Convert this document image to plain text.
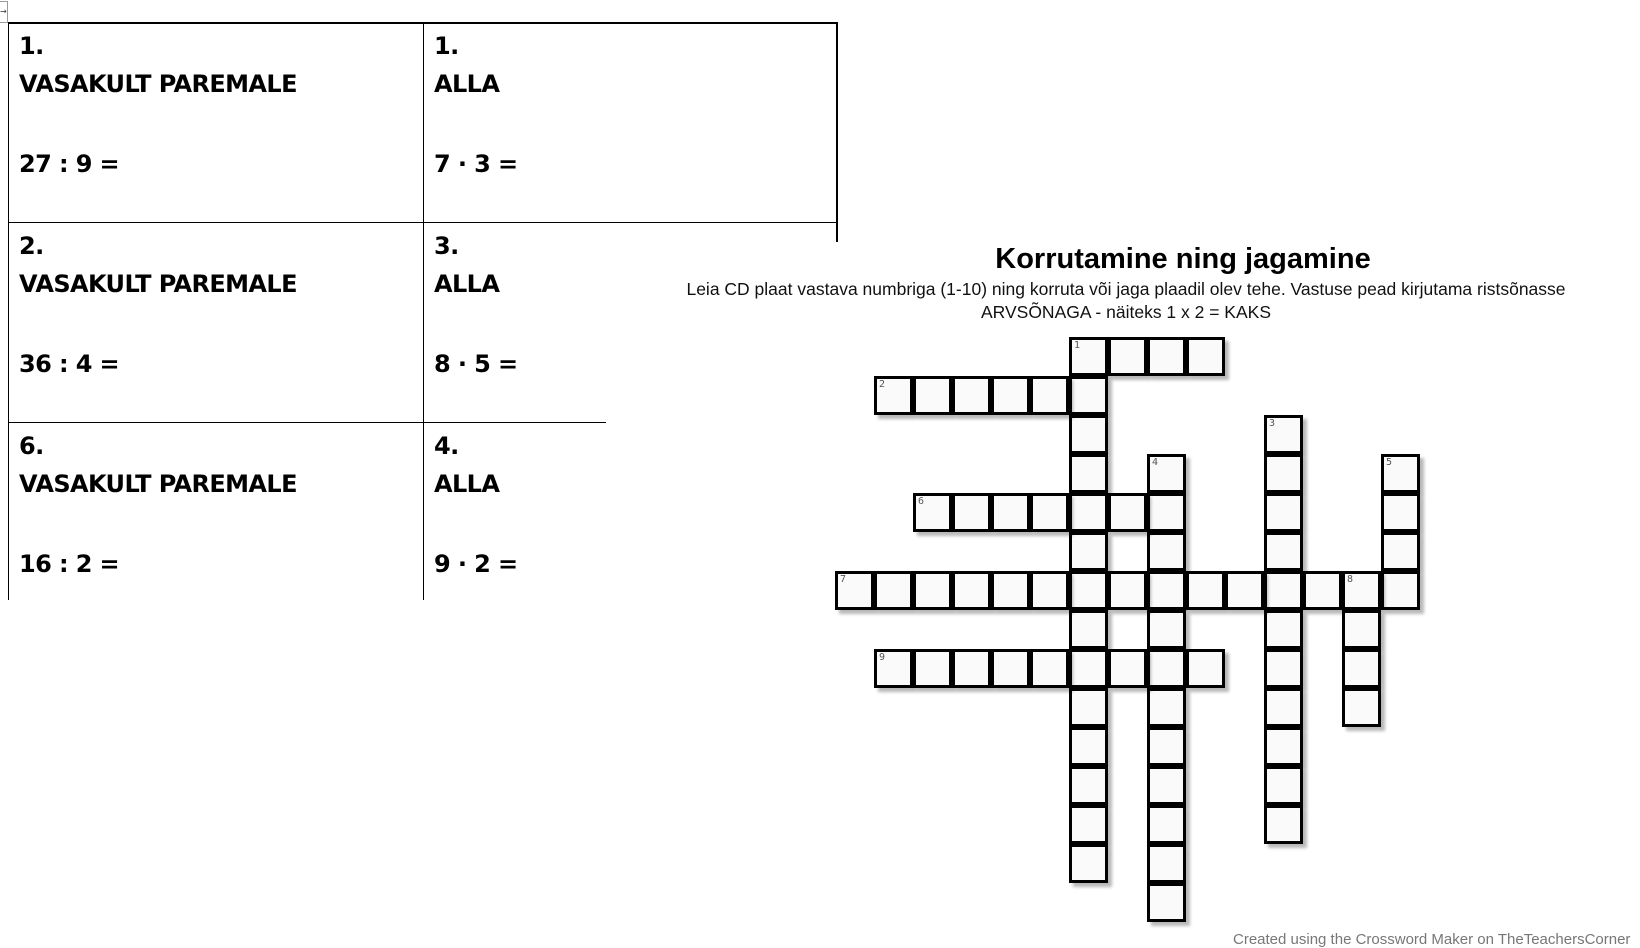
→
1.
VASAKULT PAREMALE
27 : 9 =
1.
ALLA
7 · 3 =
2.
VASAKULT PAREMALE
36 : 4 =
3.
ALLA
8 · 5 =
6.
VASAKULT PAREMALE
16 : 2 =
4.
ALLA
9 · 2 =
Korrutamine ning jagamine
Leia CD plaat vastava numbriga (1-10) ning korruta või jaga plaadil olev tehe. Vastuse pead kirjutama ristsõnasse
ARVSÕNAGA - näiteks 1 x 2 = KAKS
1
2
3
4	5
6
7	8
9
Created using the Crossword Maker on TheTeachersCorner
